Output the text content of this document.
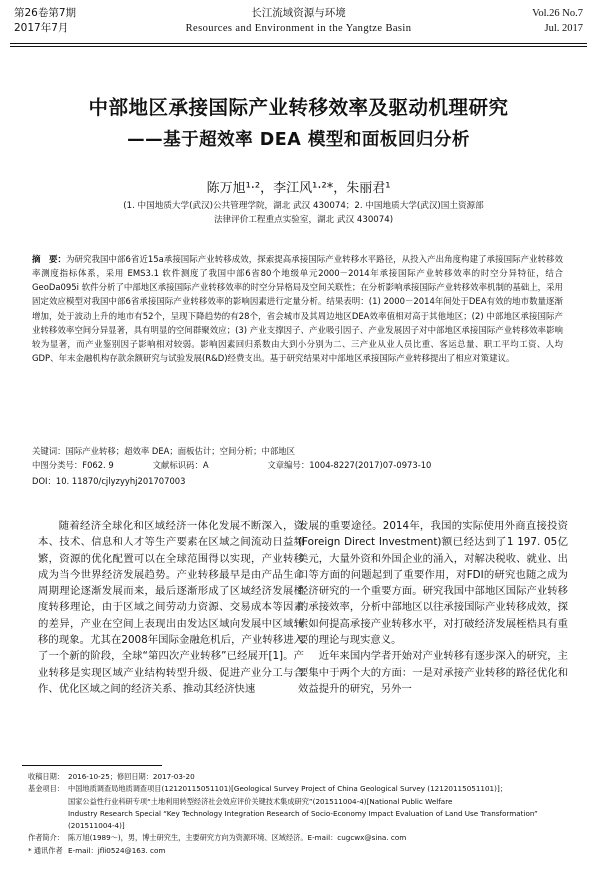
第26卷第7期
2017年7月
长江流域资源与环境
Resources and Environment in the Yangtze Basin
Vol.26 No.7
Jul. 2017
中部地区承接国际产业转移效率及驱动机理研究
——基于超效率 DEA 模型和面板回归分析
陈万旭¹·²，李江风¹·²*，朱丽君¹
(1. 中国地质大学(武汉)公共管理学院，湖北 武汉 430074；2. 中国地质大学(武汉)国土资源部
法律评价工程重点实验室，湖北 武汉 430074)
摘　要：为研究我国中部6省近15a承接国际产业转移成效，探索提高承接国际产业转移水平路径，从投入产出角度构建了承接国际产业转移效率测度指标体系，采用 EMS3.1 软件测度了我国中部6省80个地级单元2000－2014年承接国际产业转移效率的时空分异特征，结合 GeoDa095i 软件分析了中部地区承接国际产业转移效率的时空分异格局及空间关联性；在分析影响承接国际产业转移效率机制的基础上，采用固定效应模型对我国中部6省承接国际产业转移效率的影响因素进行定量分析。结果表明：(1) 2000－2014年间处于DEA有效的地市数量逐渐增加，处于波动上升的地市有52个，呈现下降趋势的有28个，省会城市及其周边地区DEA效率值相对高于其他地区；(2) 中部地区承接国际产业转移效率空间分异显著，具有明显的空间群聚效应；(3) 产业支撑因子、产业吸引因子、产业发展因子对中部地区承接国际产业转移效率影响较为显著，而产业鉴别因子影响相对较弱。影响因素回归系数由大到小分别为二、三产业从业人员比重、客运总量、职工平均工资、人均GDP、年末金融机构存款余额研究与试验发展(R&D)经费支出。基于研究结果对中部地区承接国际产业转移提出了相应对策建议。
关键词：国际产业转移；超效率 DEA；面板估计；空间分析；中部地区
中图分类号：F062. 9	文献标识码：A	文章编号：1004-8227(2017)07-0973-10
DOI：10. 11870/cjlyzyyhj201707003

随着经济全球化和区域经济一体化发展不断深入，资本、技术、信息和人才等生产要素在区域之间流动日益频繁，资源的优化配置可以在全球范围得以实现，产业转移成为当今世界经济发展趋势。产业转移最早是由产品生命周期理论逐渐发展而来，最后逐渐形成了区域经济发展梯度转移理论，由于区域之间劳动力资源、交易成本等因素的差异，产业在空间上表现出由发达区域向发展中区域转移的现象。尤其在2008年国际金融危机后，产业转移进入了一个新的阶段，全球“第四次产业转移”已经展开[1]。产业转移是实现区域产业结构转型升级、促进产业分工与合作、优化区域之间的经济关系、推动其经济快速

发展的重要途径。2014年，我国的实际使用外商直接投资(Foreign Direct Investment)额已经达到了1 197. 05亿美元，大量外资和外国企业的涌入，对解决税收、就业、出口等方面的问题起到了重要作用，对FDI的研究也随之成为经济研究的一个重要方面。研究我国中部地区国际产业转移的承接效率，分析中部地区以往承接国际产业转移成效，探索如何提高承接产业转移水平，对打破经济发展桎梏具有重要的理论与现实意义。

近年来国内学者开始对产业转移有逐步深入的研究，主要集中于两个大的方面：一是对承接产业转移的路径优化和效益提升的研究，另外一

收稿日期： 2016-10-25；修回日期：2017-03-20
基金项目： 中国地质调查局地质调查项目(12120115051101)[Geological Survey Project of China Geological Survey (12120115051101)]；
国家公益性行业科研专项“土地利用转型经济社会效应评价关键技术集成研究”(201511004-4)[National Public Welfare
Industry Research Special “Key Technology Integration Research of Socio-Economy Impact Evaluation of Land Use Transformation”
(201511004-4)]
作者简介： 陈万旭(1989～)，男，博士研究生，主要研究方向为资源环境、区域经济。E-mail：cugcwx@sina. com
* 通讯作者 E-mail：jfli0524@163. com
